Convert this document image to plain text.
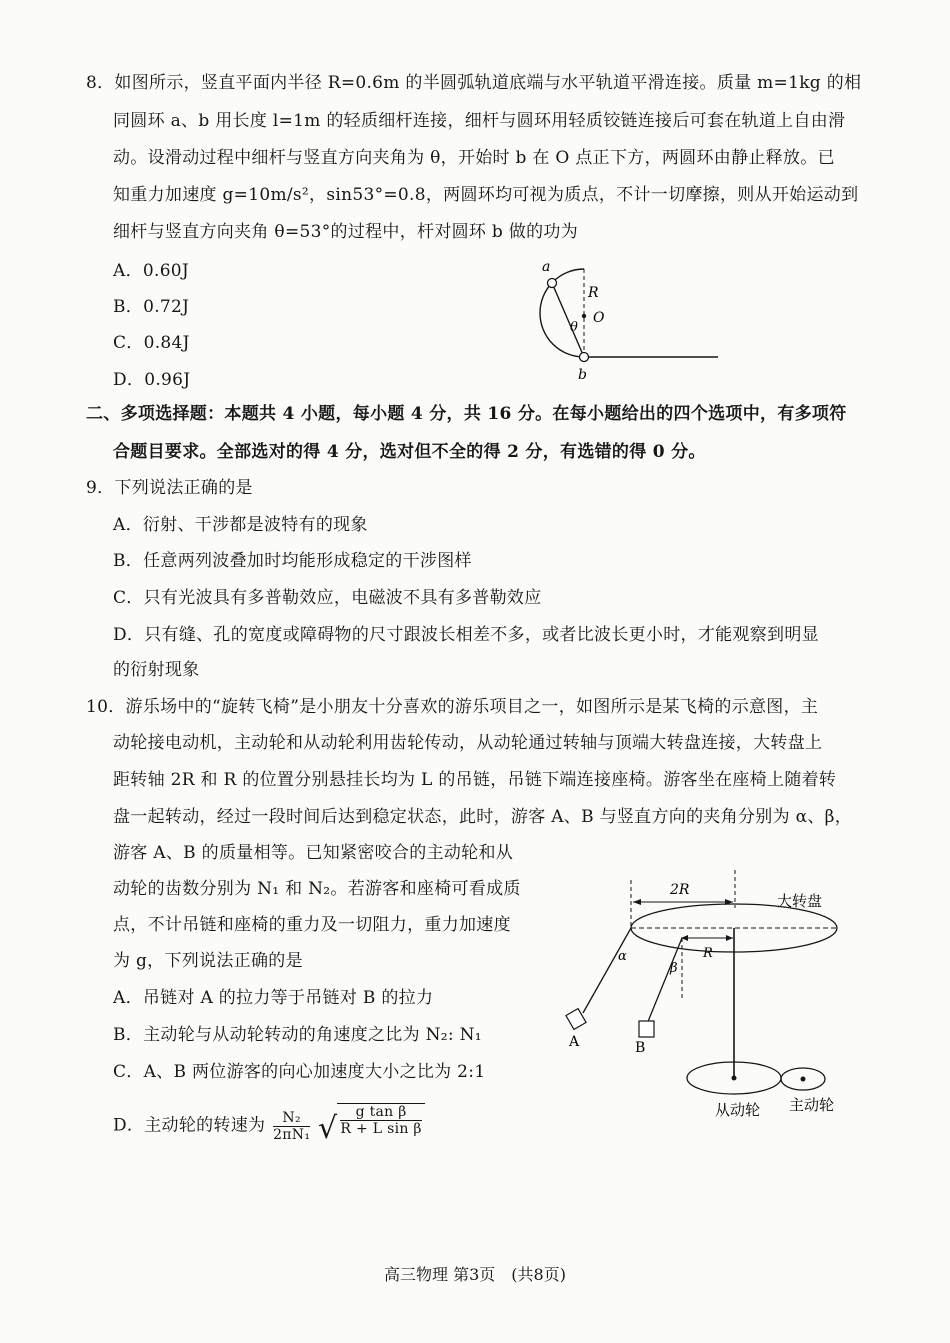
8．如图所示，竖直平面内半径 R=0.6m 的半圆弧轨道底端与水平轨道平滑连接。质量 m=1kg 的相
同圆环 a、b 用长度 l=1m 的轻质细杆连接，细杆与圆环用轻质铰链连接后可套在轨道上自由滑
动。设滑动过程中细杆与竖直方向夹角为 θ，开始时 b 在 O 点正下方，两圆环由静止释放。已
知重力加速度 g=10m/s²，sin53°=0.8，两圆环均可视为质点，不计一切摩擦，则从开始运动到
细杆与竖直方向夹角 θ=53°的过程中，杆对圆环 b 做的功为
A．0.60J
B．0.72J
C．0.84J
D．0.96J
a
b
R
O
θ
二、多项选择题：本题共 4 小题，每小题 4 分，共 16 分。在每小题给出的四个选项中，有多项符
合题目要求。全部选对的得 4 分，选对但不全的得 2 分，有选错的得 0 分。
9．下列说法正确的是
A．衍射、干涉都是波特有的现象
B．任意两列波叠加时均能形成稳定的干涉图样
C．只有光波具有多普勒效应，电磁波不具有多普勒效应
D．只有缝、孔的宽度或障碍物的尺寸跟波长相差不多，或者比波长更小时，才能观察到明显
的衍射现象
10．游乐场中的“旋转飞椅”是小朋友十分喜欢的游乐项目之一，如图所示是某飞椅的示意图，主
动轮接电动机，主动轮和从动轮利用齿轮传动，从动轮通过转轴与顶端大转盘连接，大转盘上
距转轴 2R 和 R 的位置分别悬挂长均为 L 的吊链，吊链下端连接座椅。游客坐在座椅上随着转
盘一起转动，经过一段时间后达到稳定状态，此时，游客 A、B 与竖直方向的夹角分别为 α、β，
游客 A、B 的质量相等。已知紧密咬合的主动轮和从
动轮的齿数分别为 N₁ 和 N₂。若游客和座椅可看成质
点，不计吊链和座椅的重力及一切阻力，重力加速度
为 g，下列说法正确的是
A．吊链对 A 的拉力等于吊链对 B 的拉力
B．主动轮与从动轮转动的角速度之比为 N₂: N₁
C．A、B 两位游客的向心加速度大小之比为 2:1
D．主动轮的转速为 $\frac{\text{N₂}}{\text{2πN₁}}$ √ $\frac{\text{g tan β}}{\text{R + L sin β}}$
2R
大转盘
R
α
β
A	B
从动轮 主动轮
高三物理 第3页　(共8页)
